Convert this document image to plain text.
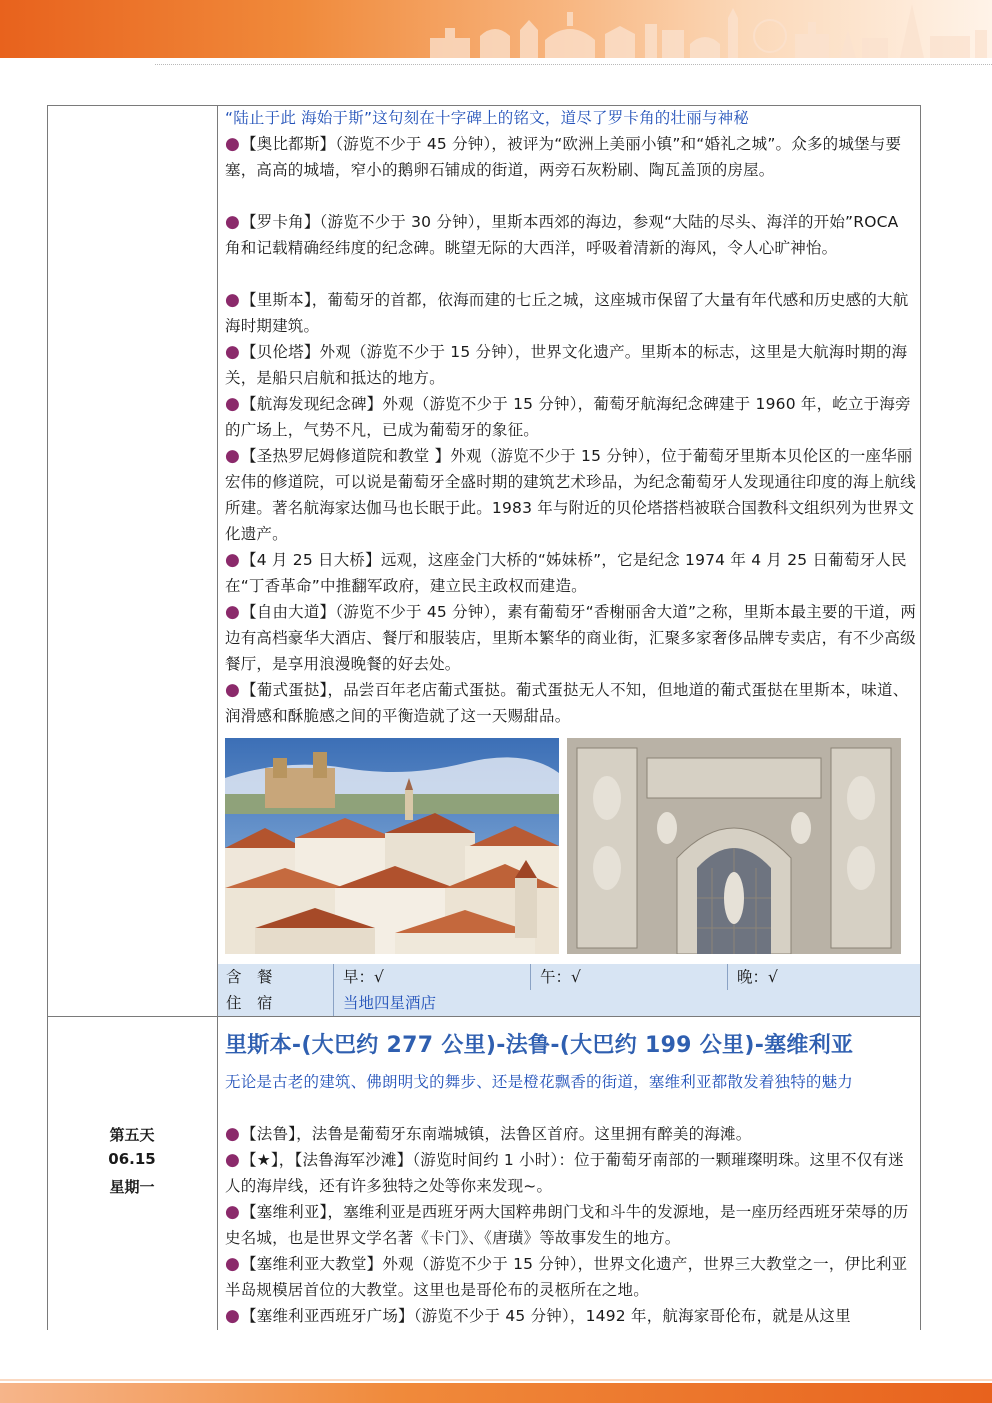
“陆止于此 海始于斯”这句刻在十字碑上的铭文，道尽了罗卡角的壮丽与神秘
●【奥比都斯】（游览不少于 45 分钟），被评为“欧洲上美丽小镇”和“婚礼之城”。众多的城堡与要塞，高高的城墙，窄小的鹅卵石铺成的街道，两旁石灰粉刷、陶瓦盖顶的房屋。
●【罗卡角】（游览不少于 30 分钟），里斯本西郊的海边，参观“大陆的尽头、海洋的开始”ROCA 角和记载精确经纬度的纪念碑。眺望无际的大西洋，呼吸着清新的海风，令人心旷神怡。
●【里斯本】，葡萄牙的首都，依海而建的七丘之城，这座城市保留了大量有年代感和历史感的大航海时期建筑。
●【贝伦塔】外观（游览不少于 15 分钟），世界文化遗产。里斯本的标志，这里是大航海时期的海关，是船只启航和抵达的地方。
●【航海发现纪念碑】外观（游览不少于 15 分钟），葡萄牙航海纪念碑建于 1960 年，屹立于海旁的广场上，气势不凡，已成为葡萄牙的象征。
●【圣热罗尼姆修道院和教堂 】外观（游览不少于 15 分钟），位于葡萄牙里斯本贝伦区的一座华丽宏伟的修道院，可以说是葡萄牙全盛时期的建筑艺术珍品，为纪念葡萄牙人发现通往印度的海上航线所建。著名航海家达伽马也长眠于此。1983 年与附近的贝伦塔搭档被联合国教科文组织列为世界文化遗产。
●【4 月 25 日大桥】远观，这座金门大桥的“姊妹桥”，它是纪念 1974 年 4 月 25 日葡萄牙人民在“丁香革命”中推翻军政府，建立民主政权而建造。
●【自由大道】（游览不少于 45 分钟），素有葡萄牙“香榭丽舍大道”之称，里斯本最主要的干道，两边有高档豪华大酒店、餐厅和服装店，里斯本繁华的商业街，汇聚多家奢侈品牌专卖店，有不少高级餐厅，是享用浪漫晚餐的好去处。
●【葡式蛋挞】，品尝百年老店葡式蛋挞。葡式蛋挞无人不知，但地道的葡式蛋挞在里斯本，味道、润滑感和酥脆感之间的平衡造就了这一天赐甜品。
含　餐	早：√	午：√	晚：√
住　宿	当地四星酒店
第五天
06.15
星期一
里斯本-(大巴约 277 公里)-法鲁-(大巴约 199 公里)-塞维利亚
无论是古老的建筑、佛朗明戈的舞步、还是橙花飘香的街道，塞维利亚都散发着独特的魅力
●【法鲁】，法鲁是葡萄牙东南端城镇，法鲁区首府。这里拥有醉美的海滩。
●【★】，【法鲁海军沙滩】（游览时间约 1 小时）：位于葡萄牙南部的一颗璀璨明珠。这里不仅有迷人的海岸线，还有许多独特之处等你来发现~。
●【塞维利亚】，塞维利亚是西班牙两大国粹弗朗门戈和斗牛的发源地，是一座历经西班牙荣辱的历史名城，也是世界文学名著《卡门》、《唐璜》等故事发生的地方。
●【塞维利亚大教堂】外观（游览不少于 15 分钟），世界文化遗产，世界三大教堂之一，伊比利亚半岛规模居首位的大教堂。这里也是哥伦布的灵柩所在之地。
●【塞维利亚西班牙广场】（游览不少于 45 分钟），1492 年，航海家哥伦布，就是从这里
